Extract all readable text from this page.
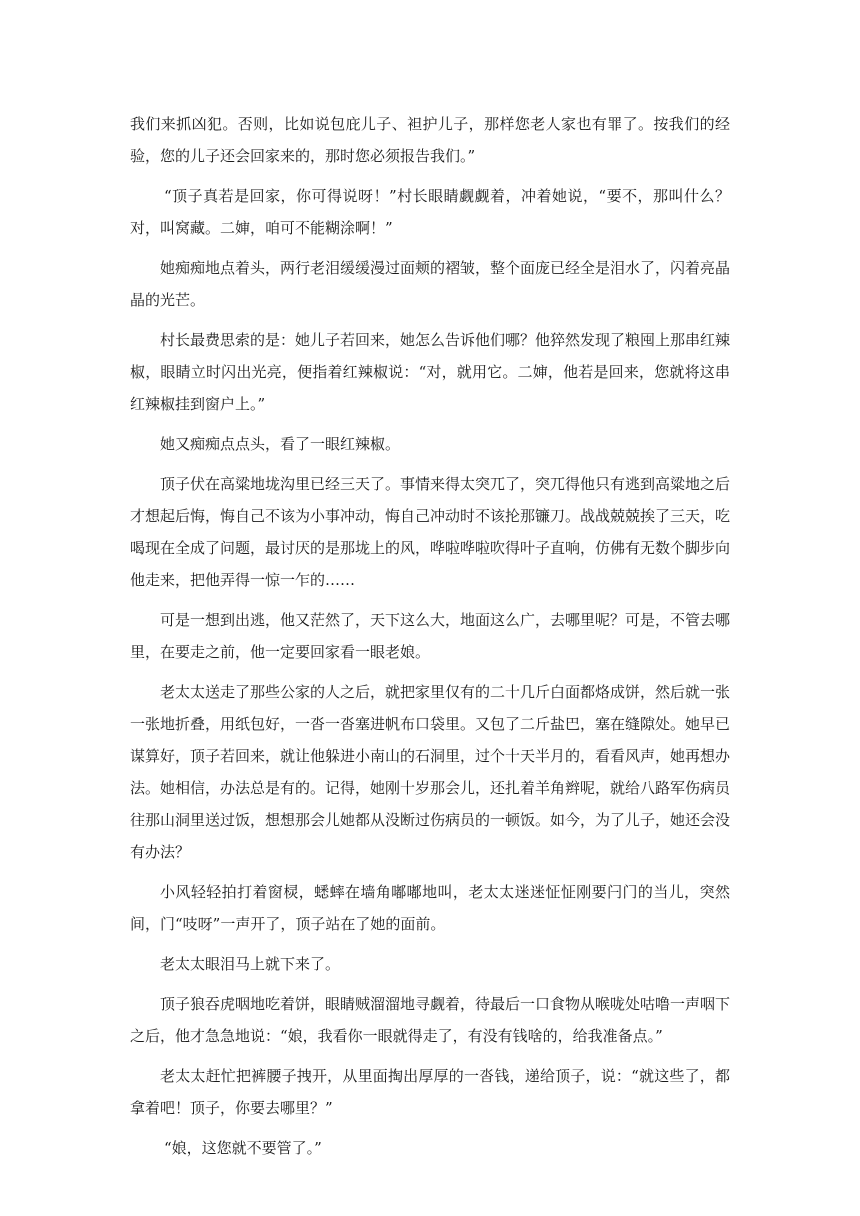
我们来抓凶犯。否则，比如说包庇儿子、袒护儿子，那样您老人家也有罪了。按我们的经验，您的儿子还会回家来的，那时您必须报告我们。”

“顶子真若是回家，你可得说呀！”村长眼睛觑觑着，冲着她说，“要不，那叫什么？对，叫窝藏。二婶，咱可不能糊涂啊！”

她痴痴地点着头，两行老泪缓缓漫过面颊的褶皱，整个面庞已经全是泪水了，闪着亮晶晶的光芒。

村长最费思索的是：她儿子若回来，她怎么告诉他们哪？他猝然发现了粮囤上那串红辣椒，眼睛立时闪出光亮，便指着红辣椒说：“对，就用它。二婶，他若是回来，您就将这串红辣椒挂到窗户上。”

她又痴痴点点头，看了一眼红辣椒。

顶子伏在高粱地垅沟里已经三天了。事情来得太突兀了，突兀得他只有逃到高粱地之后才想起后悔，悔自己不该为小事冲动，悔自己冲动时不该抡那镰刀。战战兢兢挨了三天，吃喝现在全成了问题，最讨厌的是那垅上的风，哗啦哗啦吹得叶子直响，仿佛有无数个脚步向他走来，把他弄得一惊一乍的……

可是一想到出逃，他又茫然了，天下这么大，地面这么广，去哪里呢？可是，不管去哪里，在要走之前，他一定要回家看一眼老娘。

老太太送走了那些公家的人之后，就把家里仅有的二十几斤白面都烙成饼，然后就一张一张地折叠，用纸包好，一沓一沓塞进帆布口袋里。又包了二斤盐巴，塞在缝隙处。她早已谋算好，顶子若回来，就让他躲进小南山的石洞里，过个十天半月的，看看风声，她再想办法。她相信，办法总是有的。记得，她刚十岁那会儿，还扎着羊角辫呢，就给八路军伤病员往那山洞里送过饭，想想那会儿她都从没断过伤病员的一顿饭。如今，为了儿子，她还会没有办法？

小风轻轻拍打着窗棂，蟋蟀在墙角嘟嘟地叫，老太太迷迷怔怔刚要闩门的当儿，突然间，门“吱呀”一声开了，顶子站在了她的面前。

老太太眼泪马上就下来了。

顶子狼吞虎咽地吃着饼，眼睛贼溜溜地寻觑着，待最后一口食物从喉咙处咕噜一声咽下之后，他才急急地说：“娘，我看你一眼就得走了，有没有钱啥的，给我准备点。”

老太太赶忙把裤腰子拽开，从里面掏出厚厚的一沓钱，递给顶子，说：“就这些了，都拿着吧！顶子，你要去哪里？”

“娘，这您就不要管了。”
